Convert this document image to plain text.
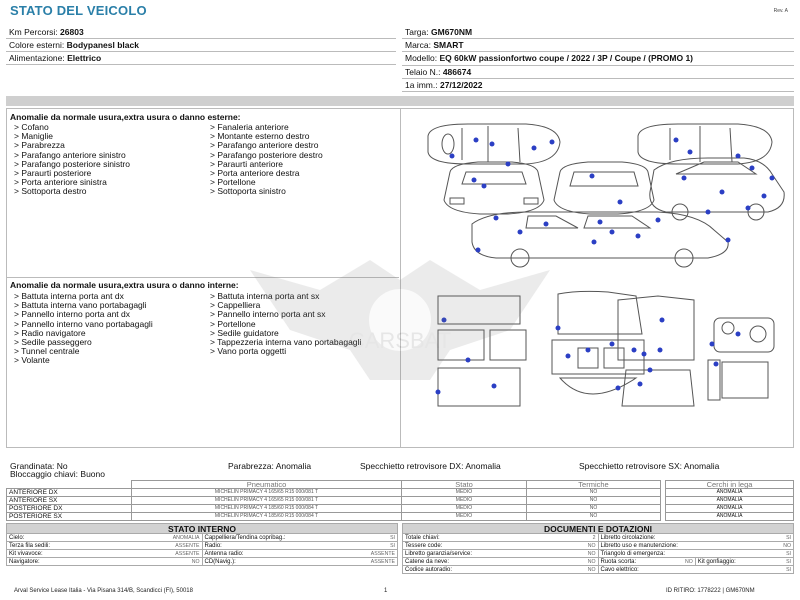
STATO DEL VEICOLO	Rev. A
Km Percorsi: 26803
Colore esterni: Bodypanesl black
Alimentazione: Elettrico
Targa: GM670NM
Marca: SMART
Modello: EQ 60kW passionfortwo coupe / 2022 / 3P / Coupe / (PROMO 1)
Telaio N.: 486674
1a imm.: 27/12/2022
Anomalie da normale usura,extra usura o danno esterne:
> Cofano
> Maniglie
> Parabrezza
> Parafango anteriore sinistro
> Parafango posteriore sinistro
> Paraurti posteriore
> Porta anteriore sinistra
> Sottoporta destro
> Fanaleria anteriore
> Montante esterno destro
> Parafango anteriore destro
> Parafango posteriore destro
> Paraurti anteriore
> Porta anteriore destra
> Portellone
> Sottoporta sinistro
Anomalie da normale usura,extra usura o danno interne:
> Battuta interna porta ant dx
> Battuta interna vano portabagagli
> Pannello interno porta ant dx
> Pannello interno vano portabagagli
> Radio navigatore
> Sedile passeggero
> Tunnel centrale
> Volante
> Battuta interna porta ant sx
> Cappelliera
> Pannello interno porta ant sx
> Portellone
> Sedile guidatore
> Tappezzeria interna vano portabagagli
> Vano porta oggetti	CARSBAT
Grandinata: No
Bloccaggio chiavi: Buono
Parabrezza: Anomalia	Specchietto retrovisore DX: Anomalia	Specchietto retrovisore SX: Anomalia
	Pneumatico	Stato	Termiche
ANTERIORE DX	MICHELIN PRIMACY 4 165/65 R15 000/081 T	MEDIO	NO
ANTERIORE SX	MICHELIN PRIMACY 4 165/65 R15 000/081 T	MEDIO	NO
POSTERIORE DX	MICHELIN PRIMACY 4 185/60 R15 000/084 T	MEDIO	NO
POSTERIORE SX	MICHELIN PRIMACY 4 185/60 R15 000/084 T	MEDIO	NO
Cerchi in lega
ANOMALIA
ANOMALIA
ANOMALIA
ANOMALIA
STATO INTERNO
Cielo:	ANOMALIA Cappelliera/Tendina copribag.:	SI
Terza fila sedili:	ASSENTE Radio:	SI
Kit vivavoce:	ASSENTE Antenna radio:	ASSENTE
Navigatore:	NO CD(Navig.):	ASSENTE
DOCUMENTI E DOTAZIONI
Totale chiavi:	2 Libretto circolazione:	SI
Tessere code:	NO Libretto uso e manutenzione:	NO
Libretto garanzia/service:	NO Triangolo di emergenza:	SI
Catene da neve:	NO Ruota scorta:	NO Kit gonfiaggio:	SI
Codice autoradio:	NO Cavo elettrico:	SI
Arval Service Lease Italia - Via Pisana 314/B, Scandicci (FI), 50018	1	ID RITIRO: 1778222 | GM670NM
